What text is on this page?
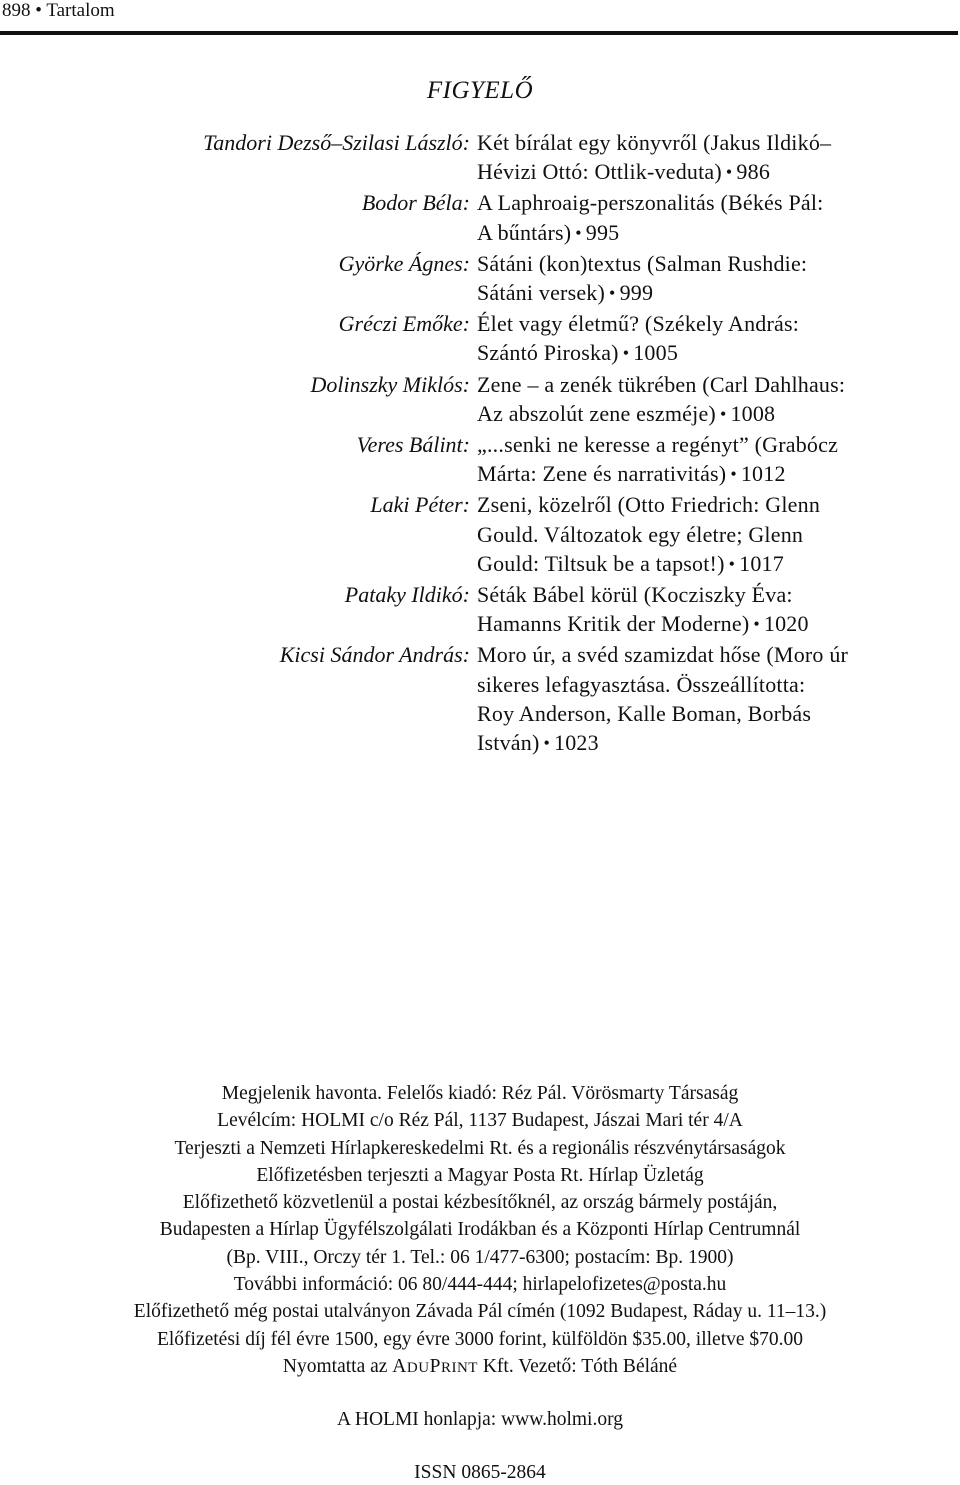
898 • Tartalom
FIGYELŐ
Tandori Dezső–Szilasi László: Két bírálat egy könyvről (Jakus Ildikó–
Hévizi Ottó: Ottlik-veduta) • 986
Bodor Béla: A Laphroaig-perszonalitás (Békés Pál:
A bűntárs) • 995
Györke Ágnes: Sátáni (kon)textus (Salman Rushdie:
Sátáni versek) • 999
Gréczi Emőke: Élet vagy életmű? (Székely András:
Szántó Piroska) • 1005
Dolinszky Miklós: Zene – a zenék tükrében (Carl Dahlhaus:
Az abszolút zene eszméje) • 1008
Veres Bálint: „...senki ne keresse a regényt” (Grabócz
Márta: Zene és narrativitás) • 1012
Laki Péter: Zseni, közelről (Otto Friedrich: Glenn
Gould. Változatok egy életre; Glenn
Gould: Tiltsuk be a tapsot!) • 1017
Pataky Ildikó: Séták Bábel körül (Kocziszky Éva:
Hamanns Kritik der Moderne) • 1020
Kicsi Sándor András: Moro úr, a svéd szamizdat hőse (Moro úr
sikeres lefagyasztása. Összeállította:
Roy Anderson, Kalle Boman, Borbás
István) • 1023
Megjelenik havonta. Felelős kiadó: Réz Pál. Vörösmarty Társaság
Levélcím: HOLMI c/o Réz Pál, 1137 Budapest, Jászai Mari tér 4/A
Terjeszti a Nemzeti Hírlapkereskedelmi Rt. és a regionális részvénytársaságok
Előfizetésben terjeszti a Magyar Posta Rt. Hírlap Üzletág
Előfizethető közvetlenül a postai kézbesítőknél, az ország bármely postáján,
Budapesten a Hírlap Ügyfélszolgálati Irodákban és a Központi Hírlap Centrumnál
(Bp. VIII., Orczy tér 1. Tel.: 06 1/477-6300; postacím: Bp. 1900)
További információ: 06 80/444-444; hirlapelofizetes@posta.hu
Előfizethető még postai utalványon Závada Pál címén (1092 Budapest, Ráday u. 11–13.)
Előfizetési díj fél évre 1500, egy évre 3000 forint, külföldön $35.00, illetve $70.00
Nyomtatta az ADUPRINT Kft. Vezető: Tóth Béláné
A HOLMI honlapja: www.holmi.org
ISSN 0865-2864
